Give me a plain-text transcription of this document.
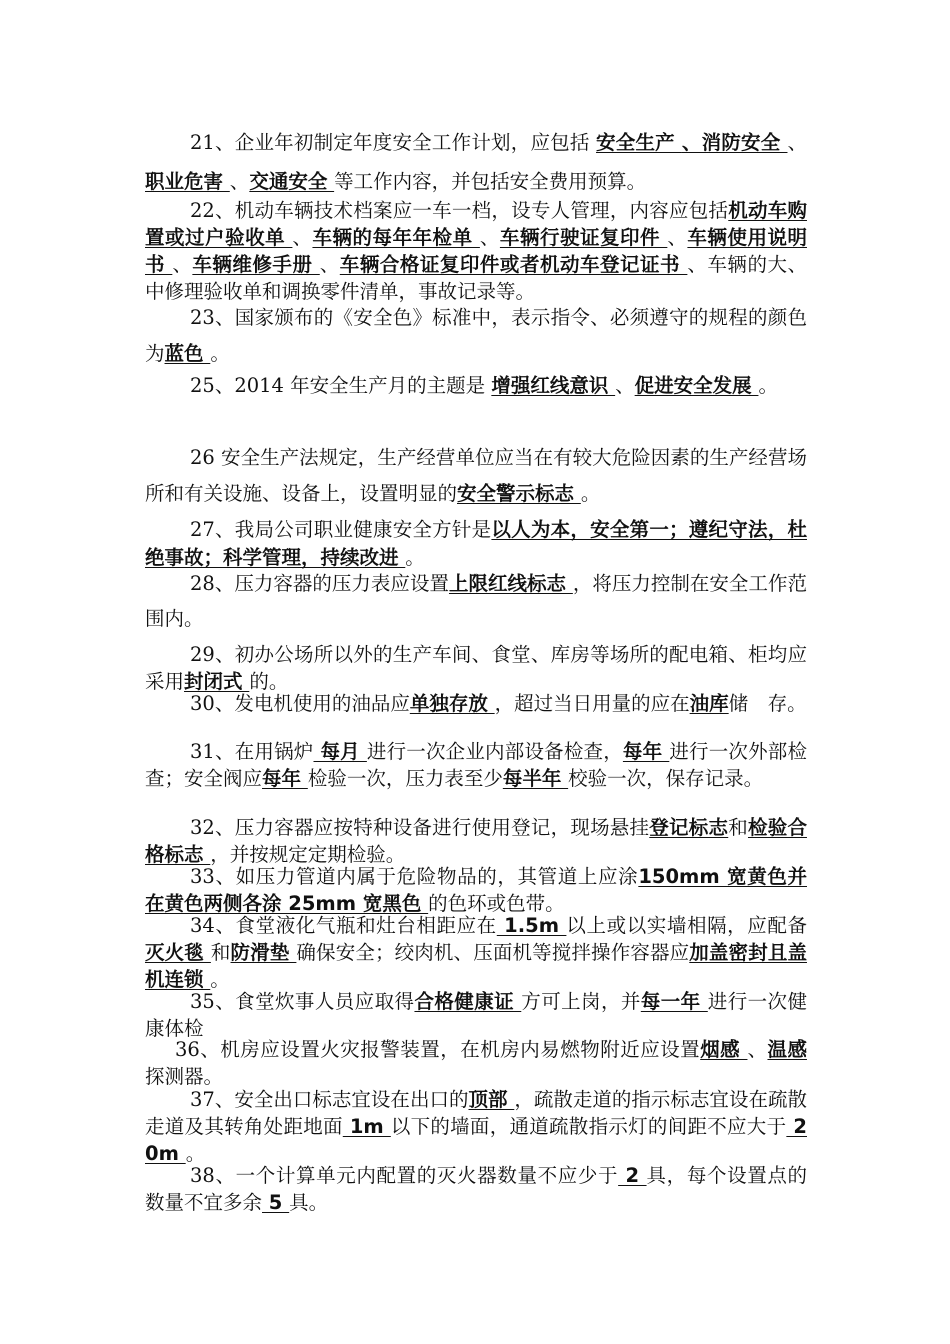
21、企业年初制定年度安全工作计划，应包括 安全生产 、消防安全 、职业危害 、交通安全 等工作内容，并包括安全费用预算。

22、机动车辆技术档案应一车一档，设专人管理，内容应包括机动车购置或过户验收单 、车辆的每年年检单 、车辆行驶证复印件 、车辆使用说明书 、车辆维修手册 、车辆合格证复印件或者机动车登记证书 、车辆的大、中修理验收单和调换零件清单，事故记录等。

23、国家颁布的《安全色》标准中，表示指令、必须遵守的规程的颜色为蓝色 。

25、2014 年安全生产月的主题是 增强红线意识 、促进安全发展 。

26 安全生产法规定，生产经营单位应当在有较大危险因素的生产经营场所和有关设施、设备上，设置明显的安全警示标志 。

27、我局公司职业健康安全方针是以人为本，安全第一；遵纪守法，杜绝事故；科学管理，持续改进 。

28、压力容器的压力表应设置上限红线标志 ，将压力控制在安全工作范围内。

29、初办公场所以外的生产车间、食堂、库房等场所的配电箱、柜均应采用封闭式 的。

30、发电机使用的油品应单独存放 ，超过当日用量的应在油库储　存。

31、在用锅炉 每月 进行一次企业内部设备检查，每年 进行一次外部检查；安全阀应每年 检验一次，压力表至少每半年 校验一次，保存记录。

32、压力容器应按特种设备进行使用登记，现场悬挂登记标志和检验合格标志 ，并按规定定期检验。

33、如压力管道内属于危险物品的，其管道上应涂150mm 宽黄色并在黄色两侧各涂 25mm 宽黑色 的色环或色带。

34、食堂液化气瓶和灶台相距应在 1.5m 以上或以实墙相隔，应配备灭火毯 和防滑垫 确保安全；绞肉机、压面机等搅拌操作容器应加盖密封且盖机连锁 。

35、食堂炊事人员应取得合格健康证 方可上岗，并每一年 进行一次健康体检

36、机房应设置火灾报警装置，在机房内易燃物附近应设置烟感 、温感 探测器。

37、安全出口标志宜设在出口的顶部 ，疏散走道的指示标志宜设在疏散走道及其转角处距地面 1m 以下的墙面，通道疏散指示灯的间距不应大于 20m 。

38、一个计算单元内配置的灭火器数量不应少于 2 具，每个设置点的数量不宜多余 5 具。
